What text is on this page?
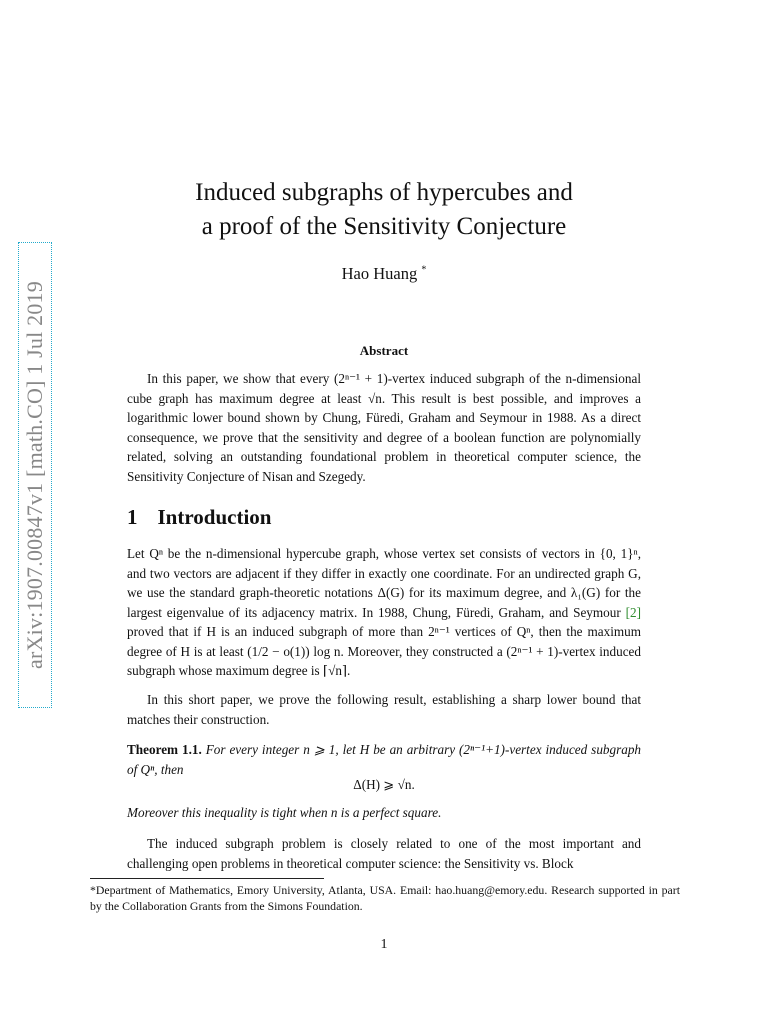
arXiv:1907.00847v1 [math.CO] 1 Jul 2019
Induced subgraphs of hypercubes and
a proof of the Sensitivity Conjecture
Hao Huang *
Abstract
In this paper, we show that every (2ⁿ⁻¹ + 1)-vertex induced subgraph of the n-dimensional cube graph has maximum degree at least √n. This result is best possible, and improves a logarithmic lower bound shown by Chung, Füredi, Graham and Seymour in 1988. As a direct consequence, we prove that the sensitivity and degree of a boolean function are polynomially related, solving an outstanding foundational problem in theoretical computer science, the Sensitivity Conjecture of Nisan and Szegedy.
1 Introduction
Let Qⁿ be the n-dimensional hypercube graph, whose vertex set consists of vectors in {0, 1}ⁿ, and two vectors are adjacent if they differ in exactly one coordinate. For an undirected graph G, we use the standard graph-theoretic notations Δ(G) for its maximum degree, and λ₁(G) for the largest eigenvalue of its adjacency matrix. In 1988, Chung, Füredi, Graham, and Seymour [2] proved that if H is an induced subgraph of more than 2ⁿ⁻¹ vertices of Qⁿ, then the maximum degree of H is at least (1/2 − o(1)) log n. Moreover, they constructed a (2ⁿ⁻¹ + 1)-vertex induced subgraph whose maximum degree is ⌈√n⌉.
In this short paper, we prove the following result, establishing a sharp lower bound that matches their construction.
Theorem 1.1. For every integer n ⩾ 1, let H be an arbitrary (2ⁿ⁻¹+1)-vertex induced subgraph of Qⁿ, then
Δ(H) ⩾ √n.
Moreover this inequality is tight when n is a perfect square.
The induced subgraph problem is closely related to one of the most important and challenging open problems in theoretical computer science: the Sensitivity vs. Block
*Department of Mathematics, Emory University, Atlanta, USA. Email: hao.huang@emory.edu. Research supported in part by the Collaboration Grants from the Simons Foundation.
1
